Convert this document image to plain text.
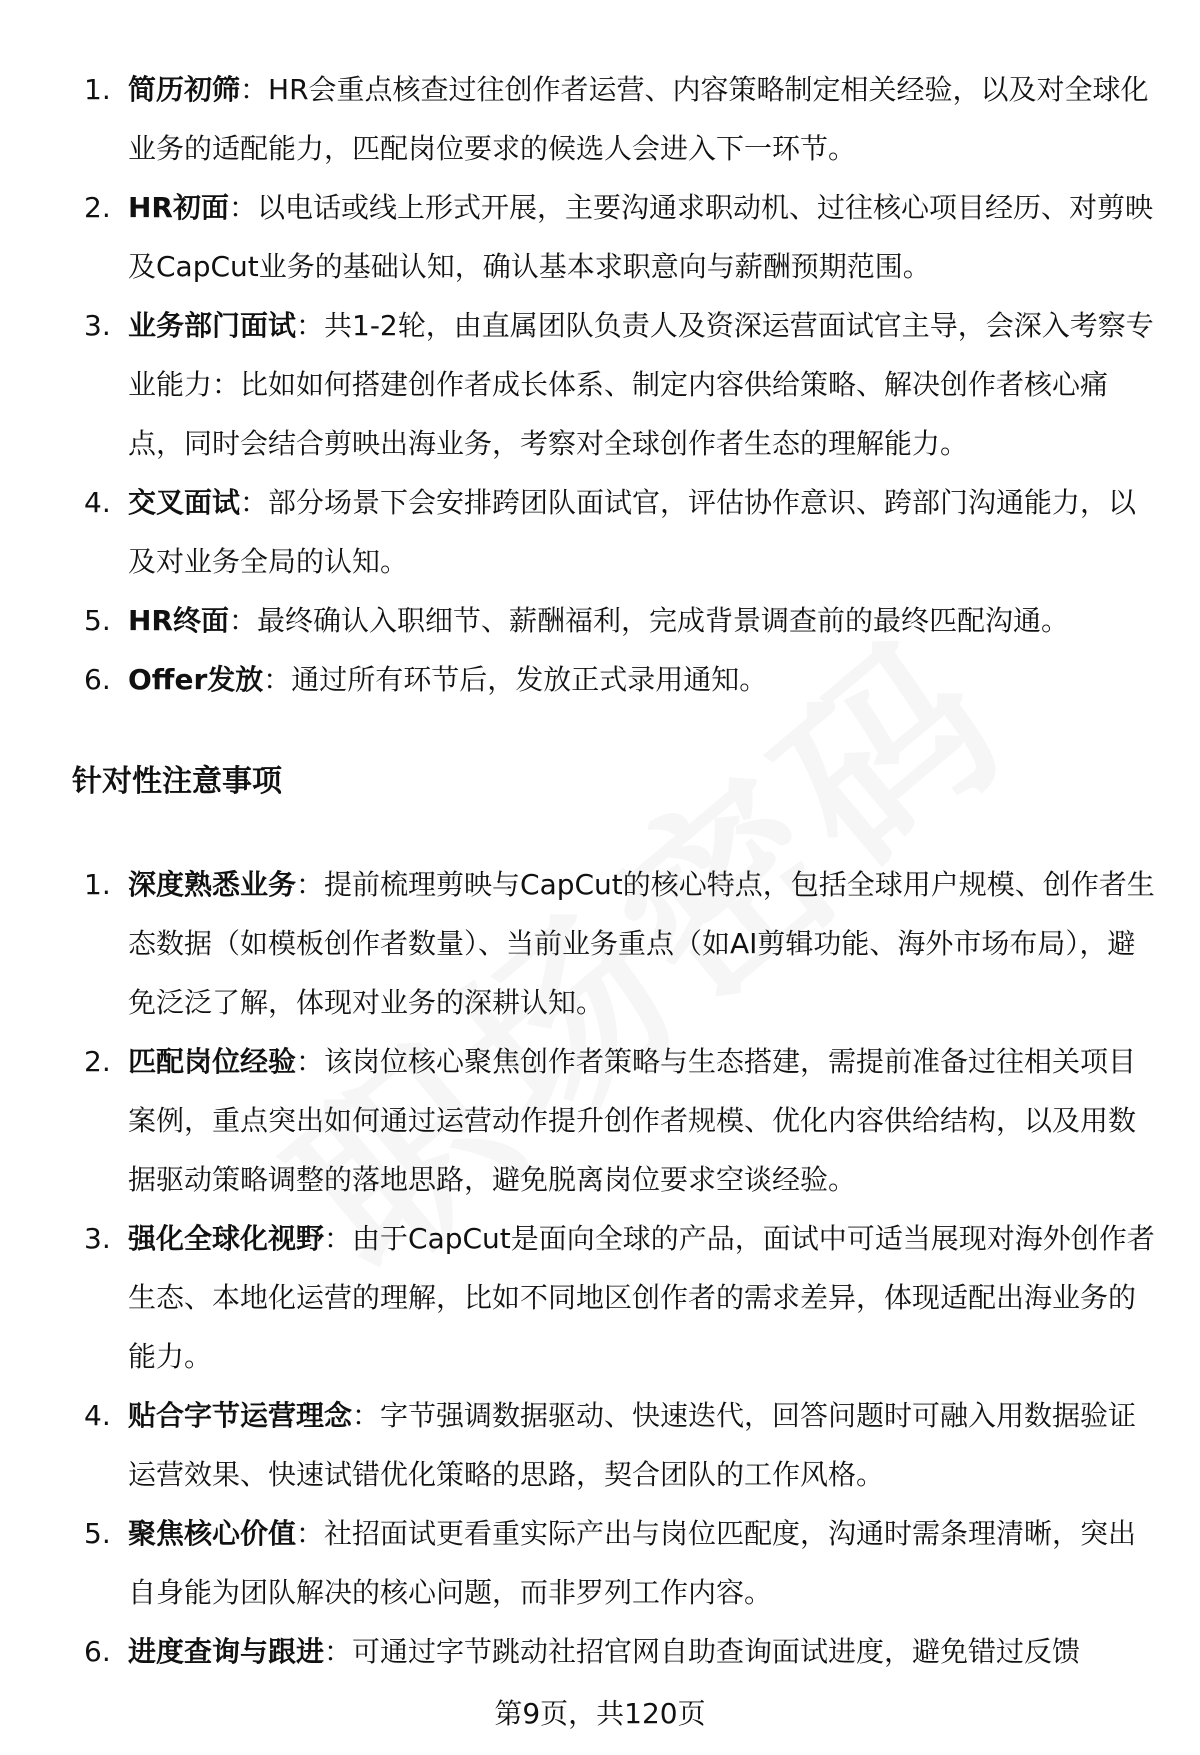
1. 简历初筛：HR会重点核查过往创作者运营、内容策略制定相关经验，以及对全球化业务的适配能力，匹配岗位要求的候选人会进入下一环节。
2. HR初面：以电话或线上形式开展，主要沟通求职动机、过往核心项目经历、对剪映及CapCut业务的基础认知，确认基本求职意向与薪酬预期范围。
3. 业务部门面试：共1-2轮，由直属团队负责人及资深运营面试官主导，会深入考察专业能力：比如如何搭建创作者成长体系、制定内容供给策略、解决创作者核心痛点，同时会结合剪映出海业务，考察对全球创作者生态的理解能力。
4. 交叉面试：部分场景下会安排跨团队面试官，评估协作意识、跨部门沟通能力，以及对业务全局的认知。
5. HR终面：最终确认入职细节、薪酬福利，完成背景调查前的最终匹配沟通。
6. Offer发放：通过所有环节后，发放正式录用通知。
针对性注意事项
1. 深度熟悉业务：提前梳理剪映与CapCut的核心特点，包括全球用户规模、创作者生态数据（如模板创作者数量）、当前业务重点（如AI剪辑功能、海外市场布局），避免泛泛了解，体现对业务的深耕认知。
2. 匹配岗位经验：该岗位核心聚焦创作者策略与生态搭建，需提前准备过往相关项目案例，重点突出如何通过运营动作提升创作者规模、优化内容供给结构，以及用数据驱动策略调整的落地思路，避免脱离岗位要求空谈经验。
3. 强化全球化视野：由于CapCut是面向全球的产品，面试中可适当展现对海外创作者生态、本地化运营的理解，比如不同地区创作者的需求差异，体现适配出海业务的能力。
4. 贴合字节运营理念：字节强调数据驱动、快速迭代，回答问题时可融入用数据验证运营效果、快速试错优化策略的思路，契合团队的工作风格。
5. 聚焦核心价值：社招面试更看重实际产出与岗位匹配度，沟通时需条理清晰，突出自身能为团队解决的核心问题，而非罗列工作内容。
6. 进度查询与跟进：可通过字节跳动社招官网自助查询面试进度，避免错过反馈
第9页，共120页
